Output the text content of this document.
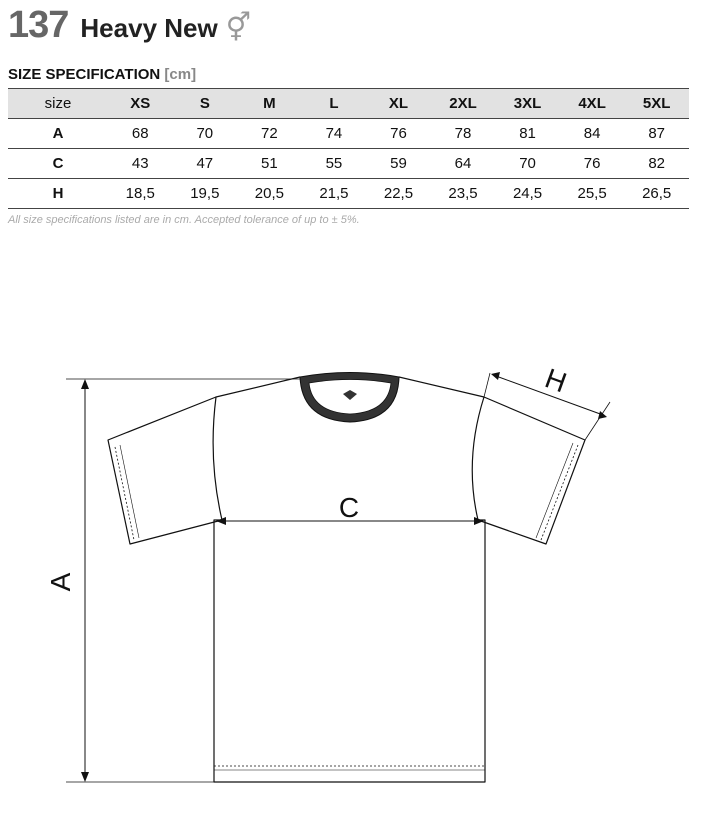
137 Heavy New ⚥
SIZE SPECIFICATION [cm]
size	XS	S	M	L	XL	2XL	3XL	4XL	5XL
A	68	70	72	74	76	78	81	84	87
C	43	47	51	55	59	64	70	76	82
H	18,5	19,5	20,5	21,5	22,5	23,5	24,5	25,5	26,5
All size specifications listed are in cm. Accepted tolerance of up to ± 5%.
A
C
H
